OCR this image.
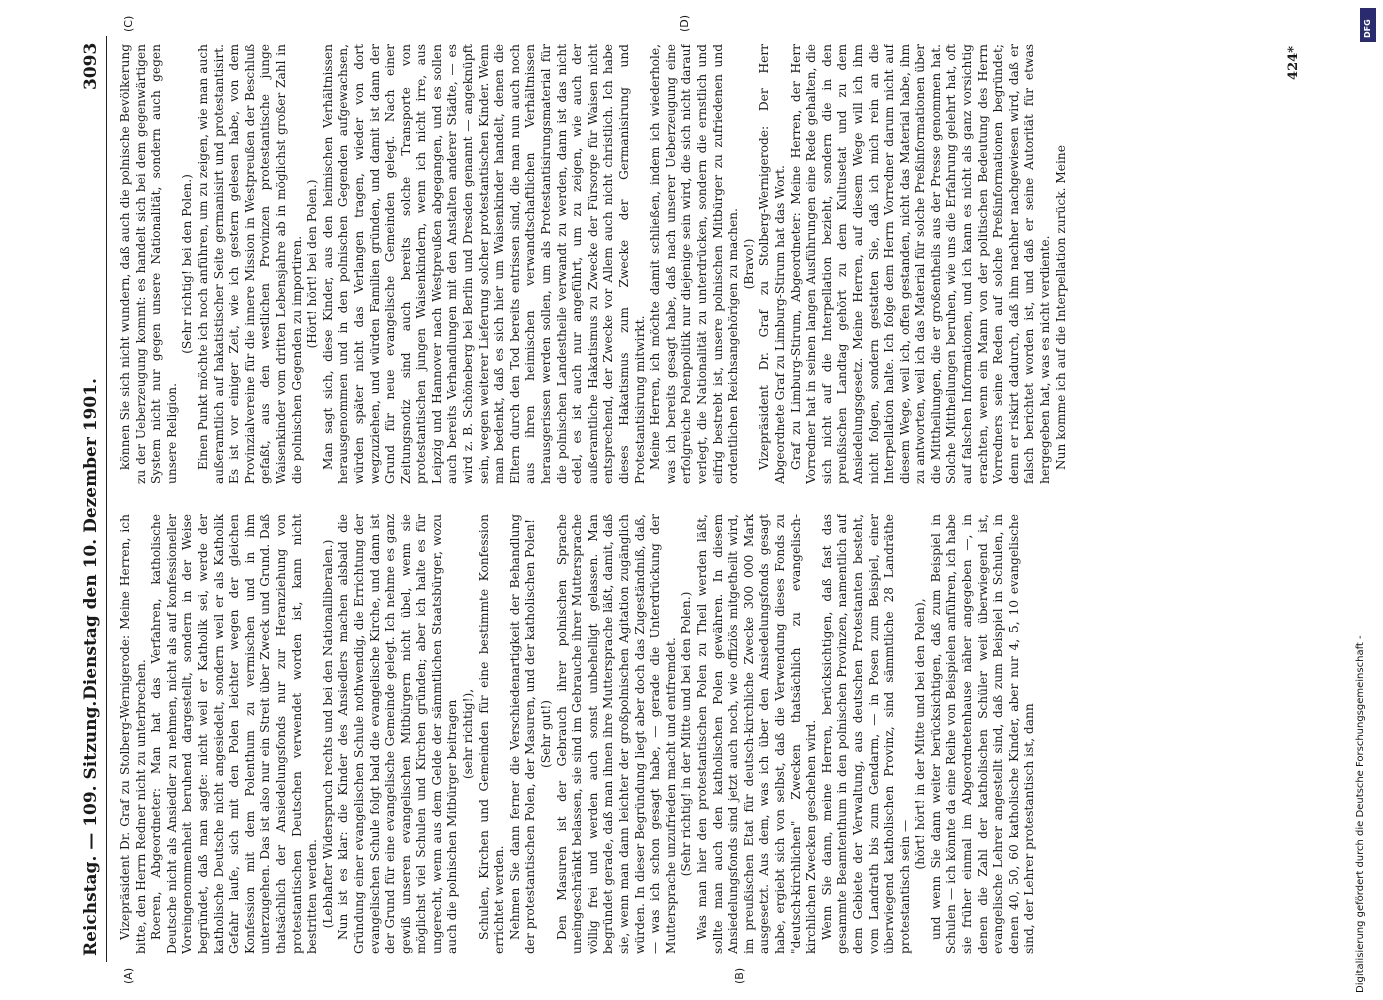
Reichstag. — 109. Sitzung.
Dienstag den 10. Dezember 1901.
3093
(A)	(B)
(C)	(D)

Vizepräsident Dr. Graf zu Stolberg-Wernigerode: Meine Herren, ich bitte, den Herrn Redner nicht zu unterbrechen. Roeren, Abgeordneter: Man hat das Verfahren, katholische Deutsche nicht als Ansiedler zu nehmen, nicht als auf konfessioneller Voreingenommenheit beruhend dargestellt, sondern in der Weise begründet, daß man sagte: nicht weil er Katholik sei, werde der katholische Deutsche nicht angesiedelt, sondern weil er als Katholik Gefahr laufe, sich mit den Polen leichter wegen der gleichen Konfession mit dem Polenthum zu vermischen und in ihm unterzugehen. Das ist also nur ein Streit über Zweck und Grund. Daß thatsächlich der Ansiedelungsfonds nur zur Heranziehung von protestantischen Deutschen verwendet worden ist, kann nicht bestritten werden. (Lebhafter Widerspruch rechts und bei den Nationalliberalen.) Nun ist es klar: die Kinder des Ansiedlers machen alsbald die Gründung einer evangelischen Schule nothwendig, die Errichtung der evangelischen Schule folgt bald die evangelische Kirche, und dann ist der Grund für eine evangelische Gemeinde gelegt. Ich nehme es ganz gewiß unseren evangelischen Mitbürgern nicht übel, wenn sie möglichst viel Schulen und Kirchen gründen; aber ich halte es für ungerecht, wenn aus dem Gelde der sämmtlichen Staatsbürger, wozu auch die polnischen Mitbürger beitragen (sehr richtig!), Schulen, Kirchen und Gemeinden für eine bestimmte Konfession errichtet werden. Nehmen Sie dann ferner die Verschiedenartigkeit der Behandlung der protestantischen Polen, der Masuren, und der katholischen Polen! (Sehr gut!) Den Masuren ist der Gebrauch ihrer polnischen Sprache uneingeschränkt belassen, sie sind im Gebrauche ihrer Muttersprache völlig frei und werden auch sonst unbehelligt gelassen. Man begründet gerade, daß man ihnen ihre Muttersprache läßt, damit, daß sie, wenn man dann leichter der großpolnischen Agitation zugänglich würden. In dieser Begründung liegt aber doch das Zugeständniß, daß, — was ich schon gesagt habe, — gerade die Unterdrückung der Muttersprache unzufrieden macht und entfremdet. (Sehr richtig! in der Mitte und bei den Polen.) Was man hier den protestantischen Polen zu Theil werden läßt, sollte man auch den katholischen Polen gewähren. In diesem Ansiedelungsfonds sind jetzt auch noch, wie offiziös mitgetheilt wird, im preußischen Etat für deutsch-kirchliche Zwecke 300 000 Mark ausgesetzt. Aus dem, was ich über den Ansiedelungsfonds gesagt habe, ergiebt sich von selbst, daß die Verwendung dieses Fonds zu "deutsch-kirchlichen" Zwecken thatsächlich zu evangelisch-kirchlichen Zwecken geschehen wird. Wenn Sie dann, meine Herren, berücksichtigen, daß fast das gesammte Beamtenthum in den polnischen Provinzen, namentlich auf dem Gebiete der Verwaltung, aus deutschen Protestanten besteht, vom Landrath bis zum Gendarm, — in Posen zum Beispiel, einer überwiegend katholischen Provinz, sind sämmtliche 28 Landräthe protestantisch sein —

(hört! hört! in der Mitte und bei den Polen), und wenn Sie dann weiter berücksichtigen, daß zum Beispiel in Schulen — ich könnte da eine Reihe von Beispielen anführen, ich habe sie früher einmal im Abgeordnetenhause näher angegeben —, in denen die Zahl der katholischen Schüler weit überwiegend ist, evangelische Lehrer angestellt sind, daß zum Beispiel in Schulen, in denen 40, 50, 60 katholische Kinder, aber nur 4, 5, 10 evangelische sind, der Lehrer protestantisch ist, dann

können Sie sich nicht wundern, daß auch die polnische Bevölkerung zu der Ueberzeugung kommt: es handelt sich bei dem gegenwärtigen System nicht nur gegen unsere Nationalität, sondern auch gegen unsere Religion.

(Sehr richtig! bei den Polen.) Einen Punkt möchte ich noch anführen, um zu zeigen, wie man auch außeramtlich auf hakatistischer Seite germanisirt und protestantisirt. Es ist vor einiger Zeit, wie ich gestern gelesen habe, von dem Provinzialvereine für die innere Mission in Westpreußen der Beschluß gefaßt, aus den westlichen Provinzen protestantische junge Waisenkinder vom dritten Lebensjahre ab in möglichst großer Zahl in die polnischen Gegenden zu importiren. (Hört! hört! bei den Polen.) Man sagt sich, diese Kinder, aus den heimischen Verhältnissen herausgenommen und in den polnischen Gegenden aufgewachsen, würden später nicht das Verlangen tragen, wieder von dort wegzuziehen, und würden Familien gründen, und damit ist dann der Grund für neue evangelische Gemeinden gelegt. Nach einer Zeitungsnotiz sind auch bereits solche Transporte von protestantischen jungen Waisenkindern, wenn ich nicht irre, aus Leipzig und Hannover nach Westpreußen abgegangen, und es sollen auch bereits Verhandlungen mit den Anstalten anderer Städte, — es wird z. B. Schöneberg bei Berlin und Dresden genannt — angeknüpft sein, wegen weiterer Lieferung solcher protestantischen Kinder. Wenn man bedenkt, daß es sich hier um Waisenkinder handelt, denen die Eltern durch den Tod bereits entrissen sind, die man nun auch noch aus ihren heimischen verwandtschaftlichen Verhältnissen herausgerissen werden sollen, um als Protestantisirungsmaterial für die polnischen Landestheile verwandt zu werden, dann ist das nicht edel, es ist auch nur angeführt, um zu zeigen, wie auch der außeramtliche Hakatismus zu Zwecke der Fürsorge für Waisen nicht entsprechend, der Zwecke vor Allem auch nicht christlich. Ich habe dieses Hakatismus zum Zwecke der Germanisirung und Protestantisirung mitwirkt. Meine Herren, ich möchte damit schließen, indem ich wiederhole, was ich bereits gesagt habe, daß nach unserer Ueberzeugung eine erfolgreiche Polenpolitik nur diejenige sein wird, die sich nicht darauf verlegt, die Nationalität zu unterdrücken, sondern die ernstlich und eifrig bestrebt ist, unsere polnischen Mitbürger zu zufriedenen und ordentlichen Reichsangehörigen zu machen. (Bravo!) Vizepräsident Dr. Graf zu Stolberg-Wernigerode: Der Herr Abgeordnete Graf zu Limburg-Stirum hat das Wort. Graf zu Limburg-Stirum, Abgeordneter: Meine Herren, der Herr Vorredner hat in seinen langen Ausführungen eine Rede gehalten, die sich nicht auf die Interpellation bezieht, sondern die in den preußischen Landtag gehört zu dem Kultusetat und zu dem Ansiedelungsgesetz. Meine Herren, auf diesem Wege will ich ihm nicht folgen, sondern gestatten Sie, daß ich mich rein an die Interpellation halte. Ich folge dem Herrn Vorredner darum nicht auf diesem Wege, weil ich, offen gestanden, nicht das Material habe, ihm zu antworten, weil ich das Material für solche Preßinformationen über die Mittheilungen, die er großentheils aus der Presse genommen hat. Solche Mittheilungen beruhen, wie uns die Erfahrung gelehrt hat, oft auf falschen Informationen, und ich kann es nicht als ganz vorsichtig erachten, wenn ein Mann von der politischen Bedeutung des Herrn Vorredners seine Reden auf solche Preßinformationen begründet; denn er riskirt dadurch, daß ihm nachher nachgewiesen wird, daß er falsch berichtet worden ist, und daß er seine Autorität für etwas hergegeben hat, was es nicht verdiente. Nun komme ich auf die Interpellation zurück. Meine

424*
DFG
Digitalisierung gefördert durch die Deutsche Forschungsgemeinschaft -
